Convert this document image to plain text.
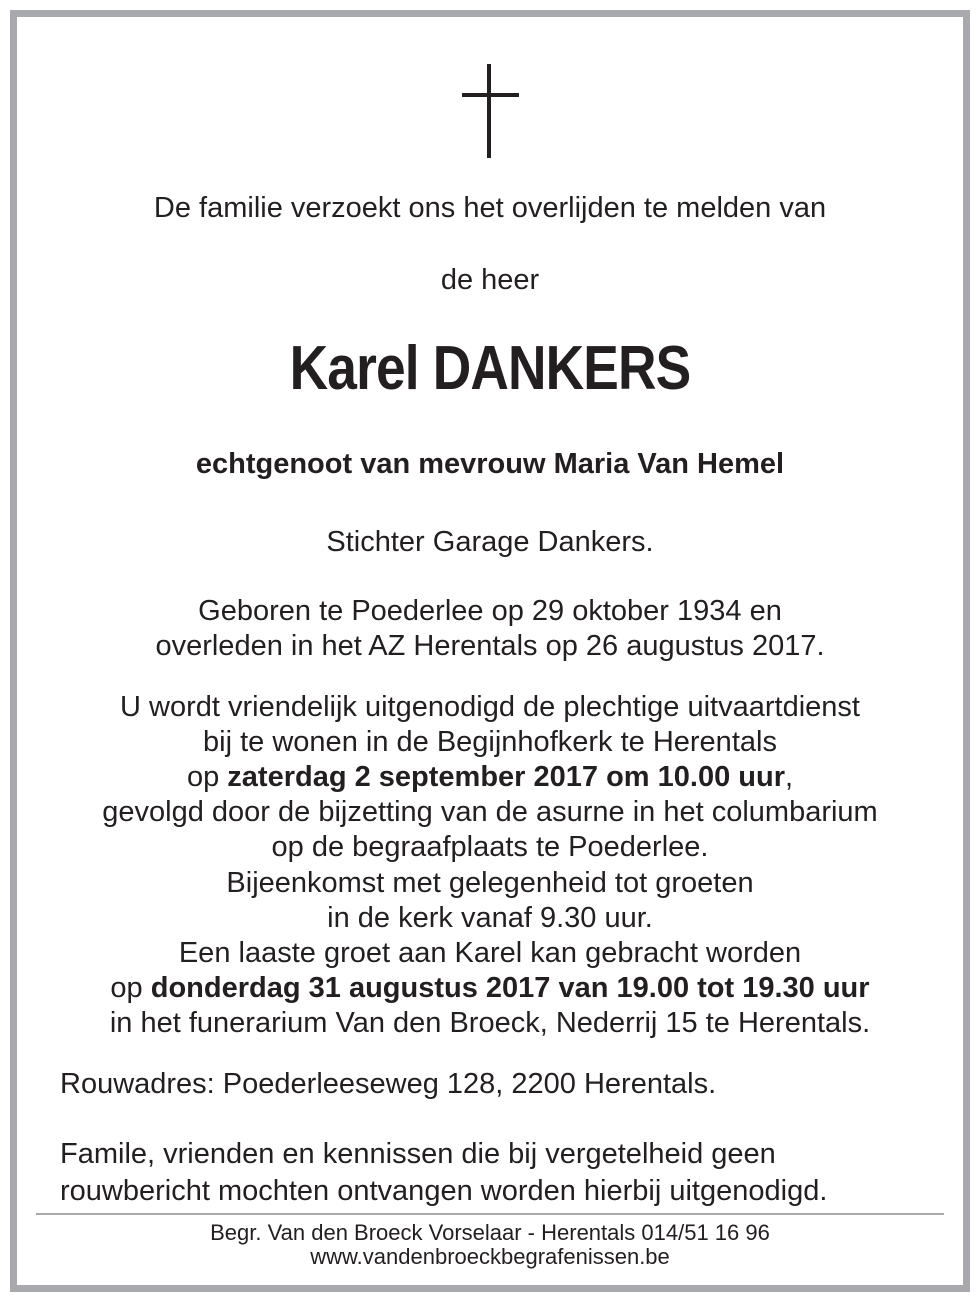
De familie verzoekt ons het overlijden te melden van
de heer
Karel DANKERS
echtgenoot van mevrouw Maria Van Hemel
Stichter Garage Dankers.
Geboren te Poederlee op 29 oktober 1934 en
overleden in het AZ Herentals op 26 augustus 2017.
U wordt vriendelijk uitgenodigd de plechtige uitvaartdienst
bij te wonen in de Begijnhofkerk te Herentals
op zaterdag 2 september 2017 om 10.00 uur,
gevolgd door de bijzetting van de asurne in het columbarium
op de begraafplaats te Poederlee.
Bijeenkomst met gelegenheid tot groeten
in de kerk vanaf 9.30 uur.
Een laaste groet aan Karel kan gebracht worden
op donderdag 31 augustus 2017 van 19.00 tot 19.30 uur
in het funerarium Van den Broeck, Nederrij 15 te Herentals.
Rouwadres: Poederleeseweg 128, 2200 Herentals.
Famile, vrienden en kennissen die bij vergetelheid geen
rouwbericht mochten ontvangen worden hierbij uitgenodigd.
Begr. Van den Broeck Vorselaar - Herentals 014/51 16 96
www.vandenbroeckbegrafenissen.be
